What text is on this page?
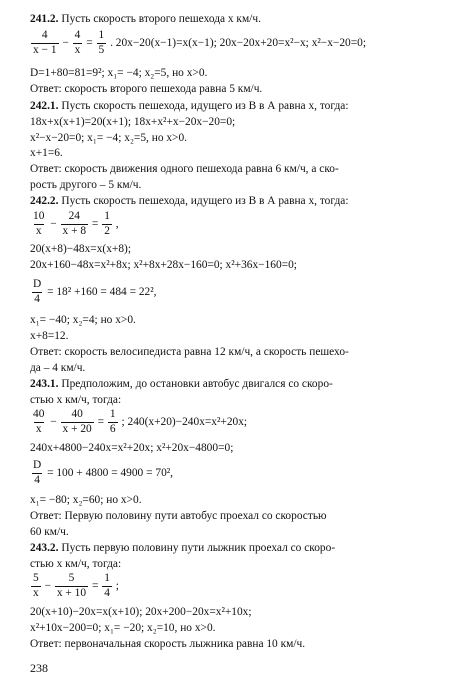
241.2. Пусть скорость второго пешехода x км/ч.
$\frac{4}{x - 1} - \frac{4}{x} = \frac{1}{5}$ . 20x−20(x−1)=x(x−1); 20x−20x+20=x²−x; x²−x−20=0;
D=1+80=81=9²; x₁= −4; x₂=5, но x>0.
Ответ: скорость второго пешехода равна 5 км/ч.
242.1. Пусть скорость пешехода, идущего из В в А равна x, тогда:
18x+x(x+1)=20(x+1); 18x+x²+x−20x−20=0;
x²−x−20=0; x₁= −4; x₂=5, но x>0.
x+1=6.
Ответ: скорость движения одного пешехода равна 6 км/ч, а ско-
рость другого – 5 км/ч.
242.2. Пусть скорость пешехода, идущего из В в А равна x, тогда:
$\frac{10}{x} - \frac{24}{x + 8} = \frac{1}{2}$ ,
20(x+8)−48x=x(x+8);
20x+160−48x=x²+8x; x²+8x+28x−160=0; x²+36x−160=0;
$\frac{D}{4} = 18^2 +160 = 484 = 22^2$,
x₁= −40; x₂=4; но x>0.
x+8=12.
Ответ: скорость велосипедиста равна 12 км/ч, а скорость пешехо-
да – 4 км/ч.
243.1. Предположим, до остановки автобус двигался со скоро-
стью x км/ч, тогда:
$\frac{40}{x} - \frac{40}{x + 20} = \frac{1}{6}$ ; 240(x+20)−240x=x²+20x;
240x+4800−240x=x²+20x; x²+20x−4800=0;
$\frac{D}{4} = 100 + 4800 = 4900 = 70^2$,
x₁= −80; x₂=60; но x>0.
Ответ: Первую половину пути автобус проехал со скоростью
60 км/ч.
243.2. Пусть первую половину пути лыжник проехал со скоро-
стью x км/ч, тогда:
$\frac{5}{x} - \frac{5}{x + 10} = \frac{1}{4}$ ;
20(x+10)−20x=x(x+10); 20x+200−20x=x²+10x;
x²+10x−200=0; x₁= −20; x₂=10, но x>0.
Ответ: первоначальная скорость лыжника равна 10 км/ч.
238
